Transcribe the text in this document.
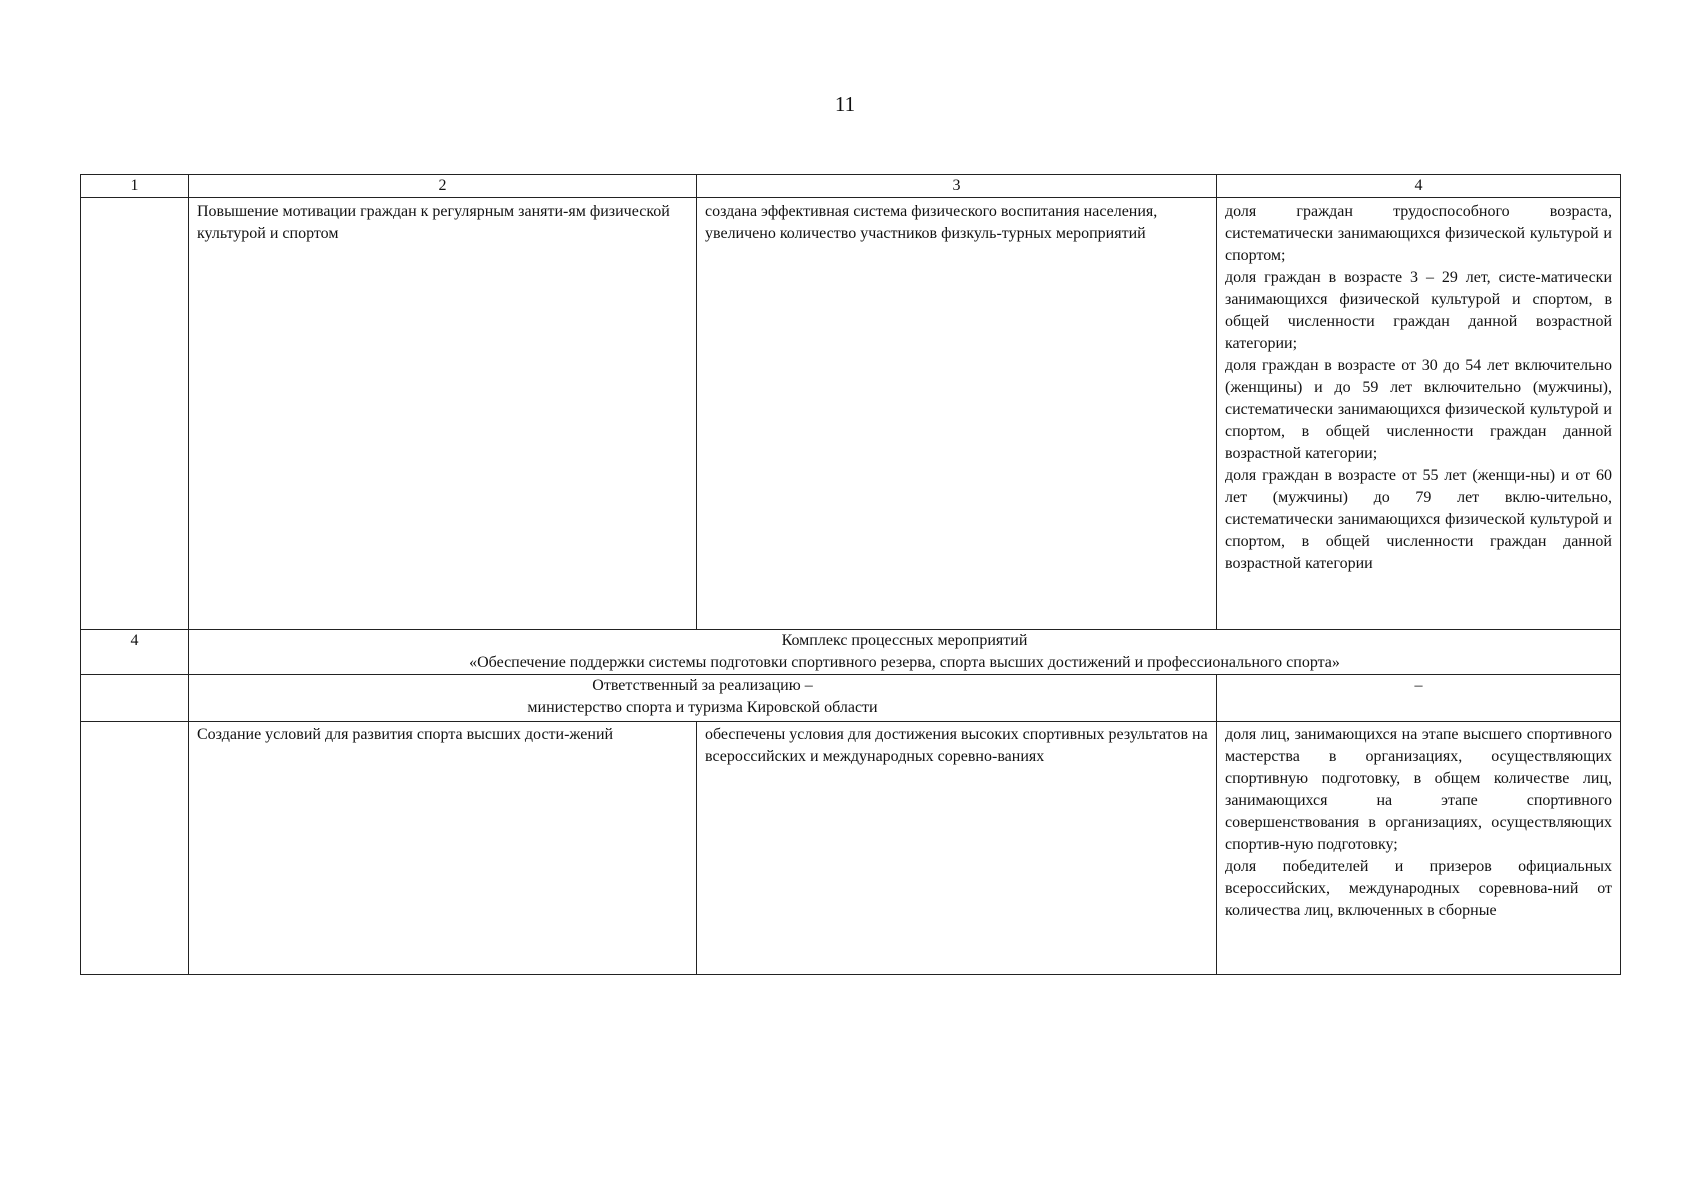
11
1	2	3	4
	Повышение мотивации граждан к регулярным заняти-ям физической культурой и спортом	создана эффективная система физического воспитания населения, увеличено количество участников физкуль-турных мероприятий	доля граждан трудоспособного возраста, систематически занимающихся физической культурой и спортом;

доля граждан в возрасте 3 – 29 лет, систе-матически занимающихся физической культурой и спортом, в общей численности граждан данной возрастной категории;

доля граждан в возрасте от 30 до 54 лет включительно (женщины) и до 59 лет включительно (мужчины), систематически занимающихся физической культурой и спортом, в общей численности граждан данной возрастной категории;

доля граждан в возрасте от 55 лет (женщи-ны) и от 60 лет (мужчины) до 79 лет вклю-чительно, систематически занимающихся физической культурой и спортом, в общей численности граждан данной возрастной категории

4	Комплекс процессных мероприятий
«Обеспечение поддержки системы подготовки спортивного резерва, спорта высших достижений и профессионального спорта»		

	Ответственный за реализацию –
министерство спорта и туризма Кировской области		–
	Создание условий для развития спорта высших дости-жений	обеспечены условия для достижения высоких спортивных результатов на всероссийских и международных соревно-ваниях	доля лиц, занимающихся на этапе высшего спортивного мастерства в организациях, осуществляющих спортивную подготовку, в общем количестве лиц, занимающихся на этапе спортивного совершенствования в организациях, осуществляющих спортив-ную подготовку;

доля победителей и призеров официальных всероссийских, международных соревнова-ний от количества лиц, включенных в сборные
